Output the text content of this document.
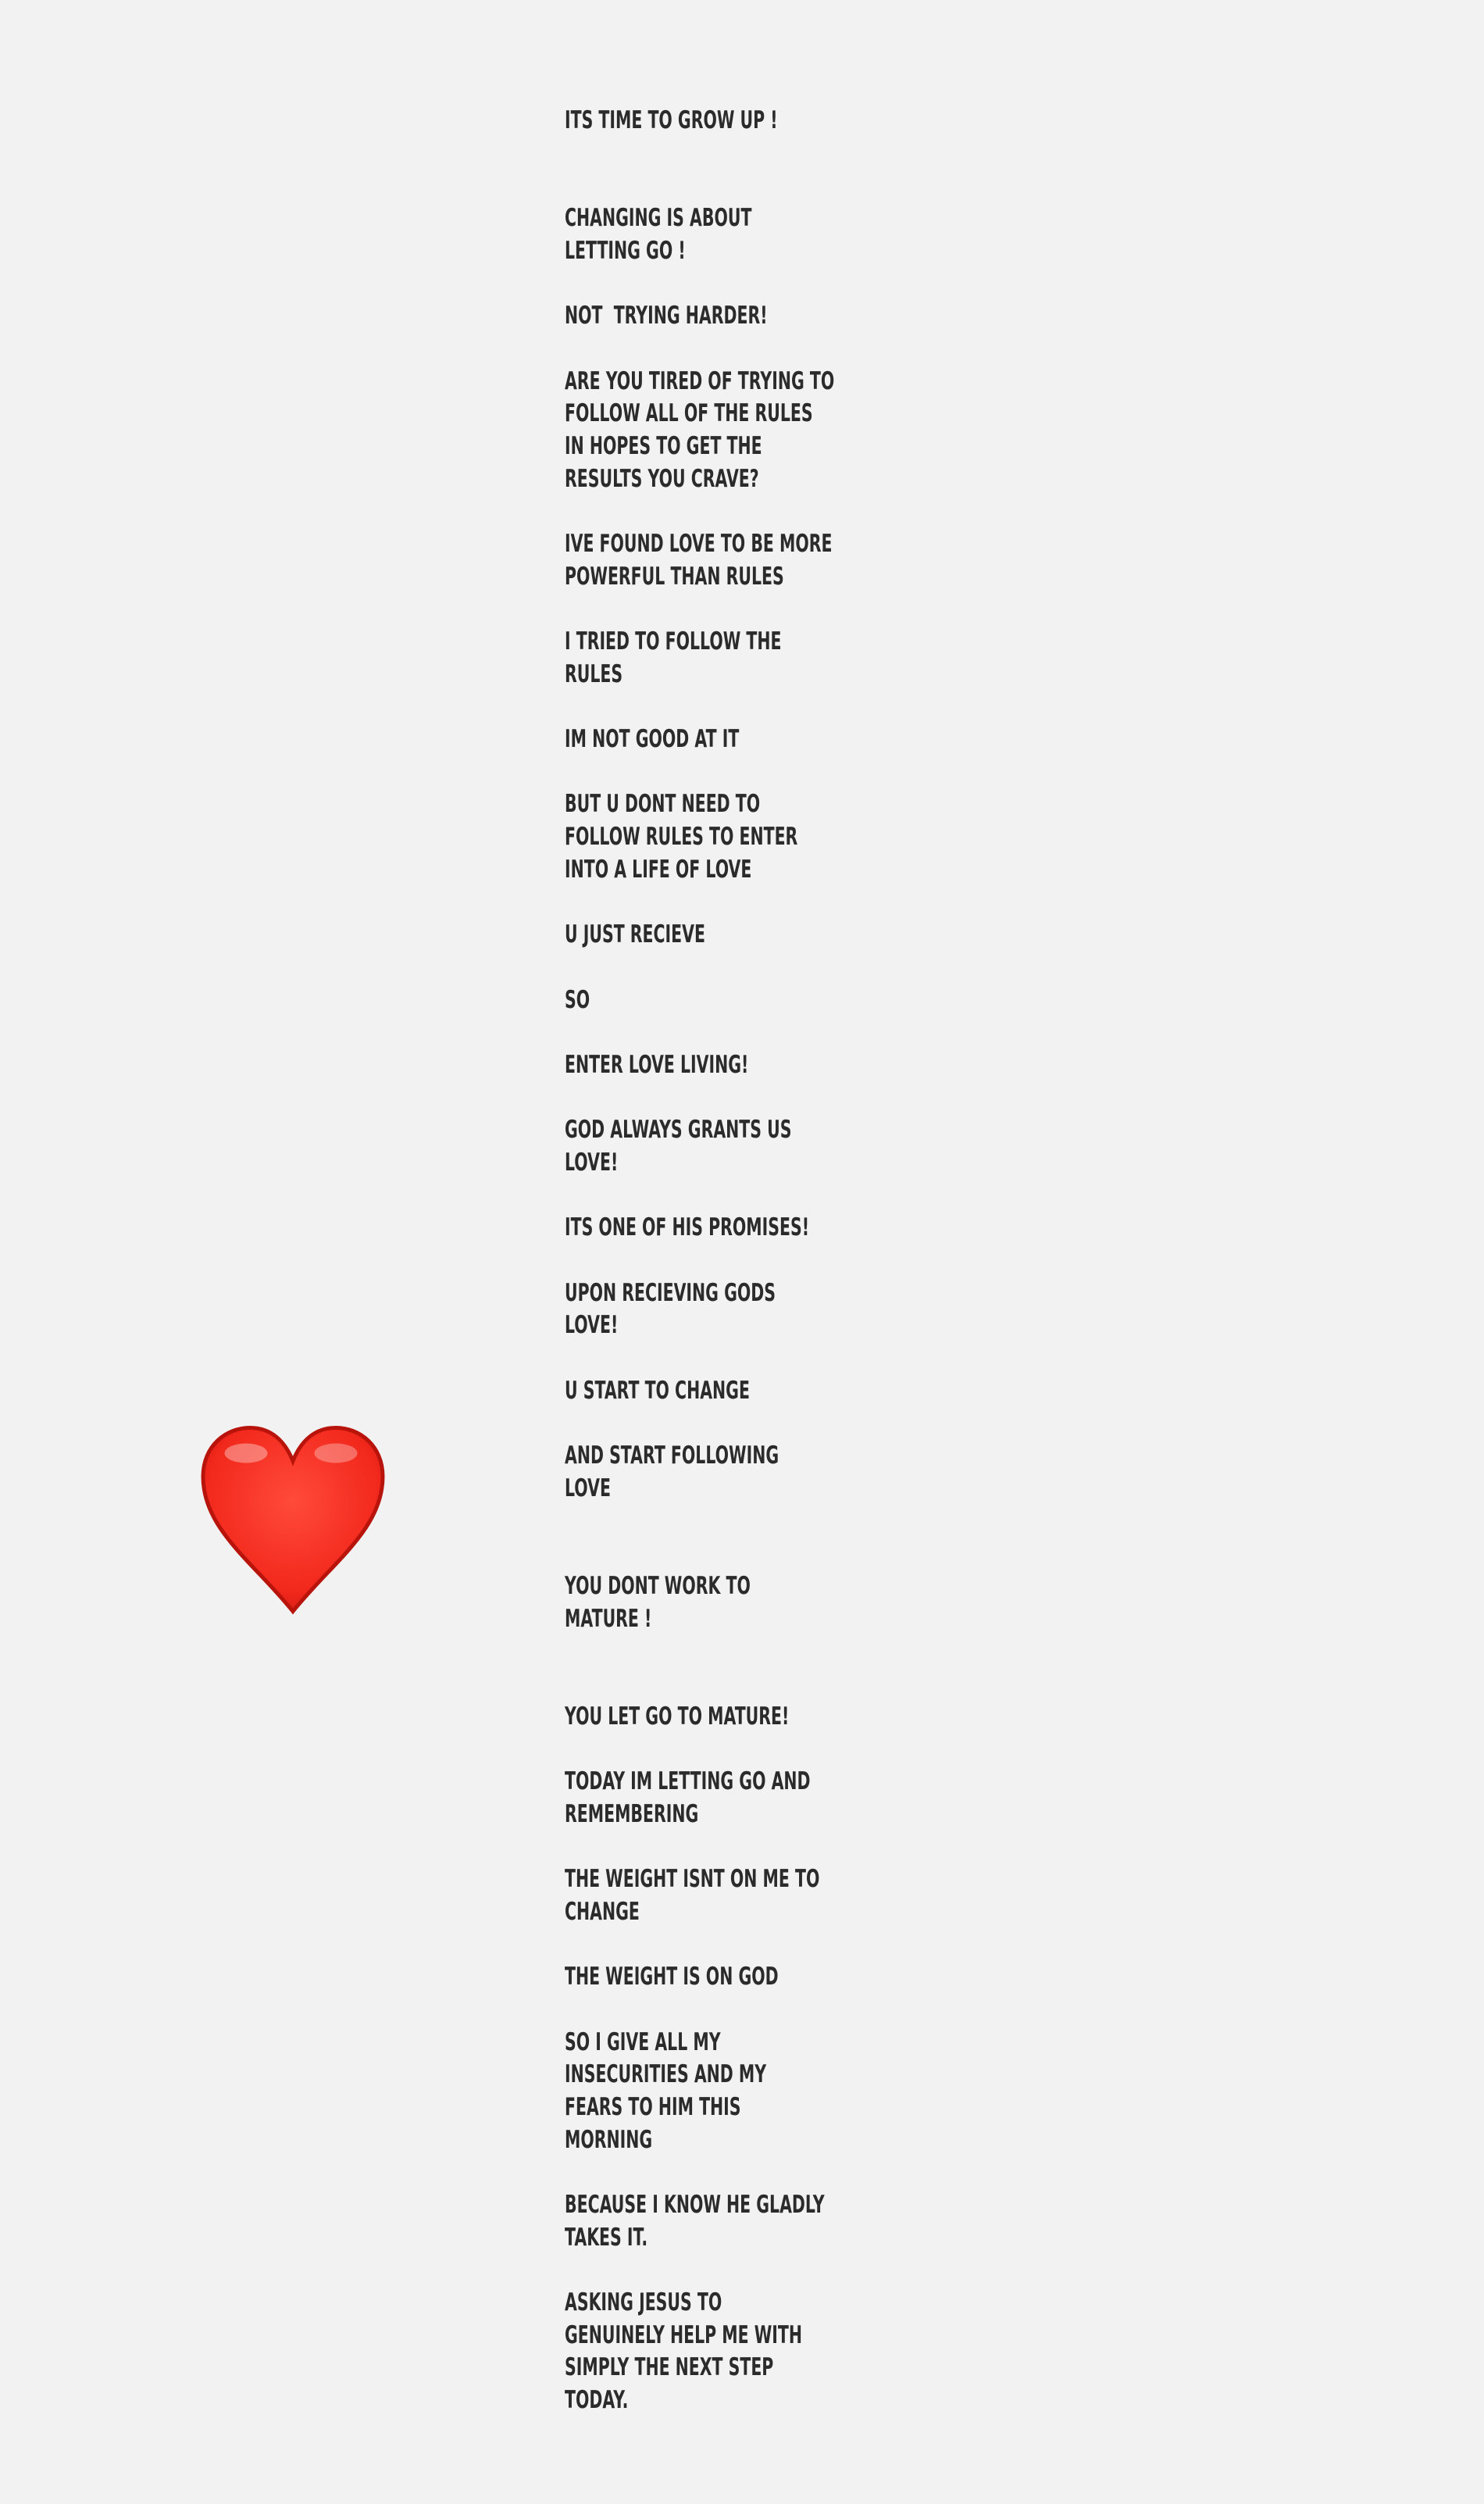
ITS TIME TO GROW UP !
CHANGING IS ABOUT
LETTING GO !
NOT  TRYING HARDER!
ARE YOU TIRED OF TRYING TO
FOLLOW ALL OF THE RULES
IN HOPES TO GET THE
RESULTS YOU CRAVE?
IVE FOUND LOVE TO BE MORE
POWERFUL THAN RULES
I TRIED TO FOLLOW THE
RULES
IM NOT GOOD AT IT
BUT U DONT NEED TO
FOLLOW RULES TO ENTER
INTO A LIFE OF LOVE
U JUST RECIEVE
SO
ENTER LOVE LIVING!
GOD ALWAYS GRANTS US
LOVE!
ITS ONE OF HIS PROMISES!
UPON RECIEVING GODS
LOVE!
U START TO CHANGE
AND START FOLLOWING
LOVE
YOU DONT WORK TO
MATURE !
YOU LET GO TO MATURE!
TODAY IM LETTING GO AND
REMEMBERING
THE WEIGHT ISNT ON ME TO
CHANGE
THE WEIGHT IS ON GOD
SO I GIVE ALL MY
INSECURITIES AND MY
FEARS TO HIM THIS
MORNING
BECAUSE I KNOW HE GLADLY
TAKES IT.
ASKING JESUS TO
GENUINELY HELP ME WITH
SIMPLY THE NEXT STEP
TODAY.
